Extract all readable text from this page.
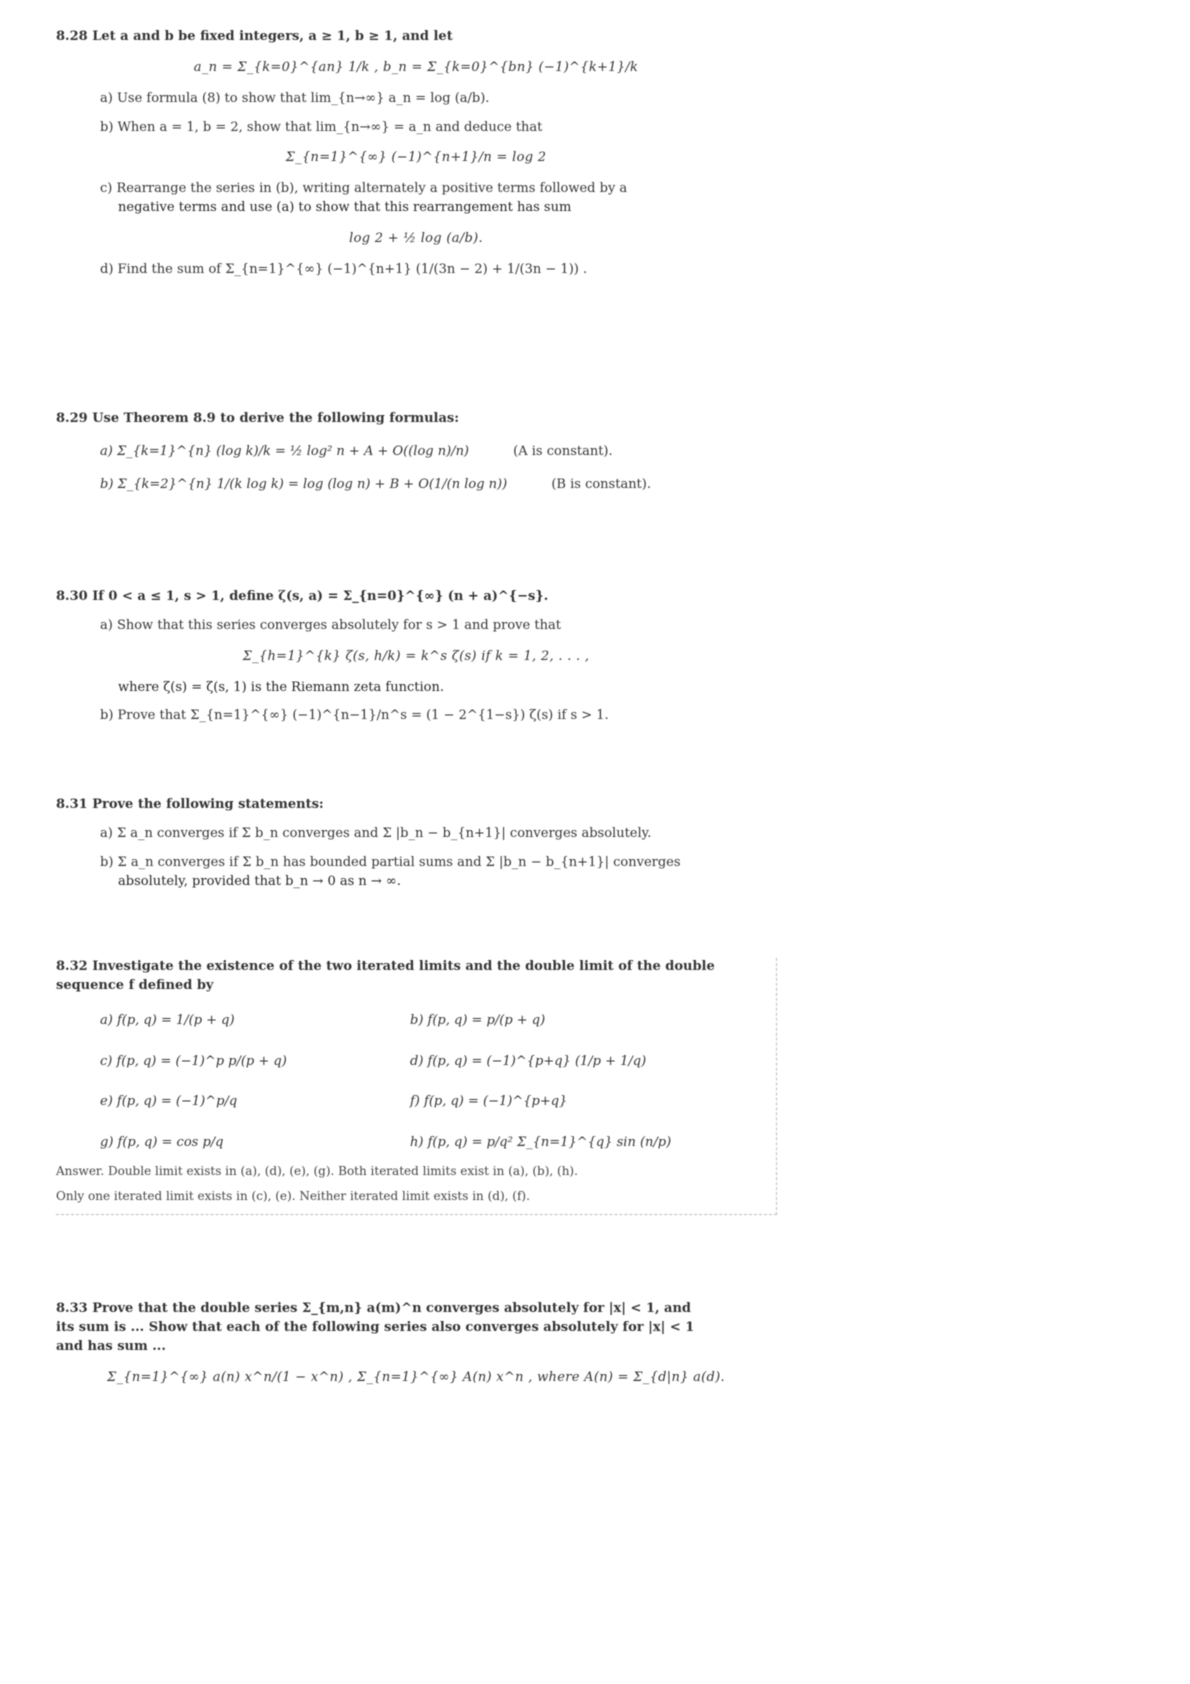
8.28 Let a and b be fixed integers, a ≥ 1, b ≥ 1, and let
a_n = Σ_{k=0}^{an} 1/k , b_n = Σ_{k=0}^{bn} (−1)^{k+1}/k
a) Use formula (8) to show that lim_{n→∞} a_n = log (a/b).
b) When a = 1, b = 2, show that lim_{n→∞} = a_n and deduce that
Σ_{n=1}^{∞} (−1)^{n+1}/n = log 2
c) Rearrange the series in (b), writing alternately a positive terms followed by a
negative terms and use (a) to show that this rearrangement has sum
log 2 + ½ log (a/b).
d) Find the sum of Σ_{n=1}^{∞} (−1)^{n+1} (1/(3n − 2) + 1/(3n − 1)) .
8.29 Use Theorem 8.9 to derive the following formulas:
a) Σ_{k=1}^{n} (log k)/k = ½ log² n + A + O((log n)/n)	(A is constant).
b) Σ_{k=2}^{n} 1/(k log k) = log (log n) + B + O(1/(n log n))	(B is constant).
8.30 If 0 < a ≤ 1, s > 1, define ζ(s, a) = Σ_{n=0}^{∞} (n + a)^{−s}.
a) Show that this series converges absolutely for s > 1 and prove that
Σ_{h=1}^{k} ζ(s, h/k) = k^s ζ(s) if k = 1, 2, . . . ,
where ζ(s) = ζ(s, 1) is the Riemann zeta function.
b) Prove that Σ_{n=1}^{∞} (−1)^{n−1}/n^s = (1 − 2^{1−s}) ζ(s) if s > 1.
8.31 Prove the following statements:
a) Σ a_n converges if Σ b_n converges and Σ |b_n − b_{n+1}| converges absolutely.
b) Σ a_n converges if Σ b_n has bounded partial sums and Σ |b_n − b_{n+1}| converges
absolutely, provided that b_n → 0 as n → ∞.
8.32 Investigate the existence of the two iterated limits and the double limit of the double
sequence f defined by
a) f(p, q) = 1/(p + q)	b) f(p, q) = p/(p + q)
c) f(p, q) = (−1)^p p/(p + q)	d) f(p, q) = (−1)^{p+q} (1/p + 1/q)
e) f(p, q) = (−1)^p/q	f) f(p, q) = (−1)^{p+q}
g) f(p, q) = cos p/q	h) f(p, q) = p/q² Σ_{n=1}^{q} sin (n/p)
Answer. Double limit exists in (a), (d), (e), (g). Both iterated limits exist in (a), (b), (h).
Only one iterated limit exists in (c), (e). Neither iterated limit exists in (d), (f).
8.33 Prove that the double series Σ_{m,n} a(m)^n converges absolutely for |x| < 1, and
its sum is ... Show that each of the following series also converges absolutely for |x| < 1
and has sum ...
Σ_{n=1}^{∞} a(n) x^n/(1 − x^n) , Σ_{n=1}^{∞} A(n) x^n , where A(n) = Σ_{d|n} a(d).
